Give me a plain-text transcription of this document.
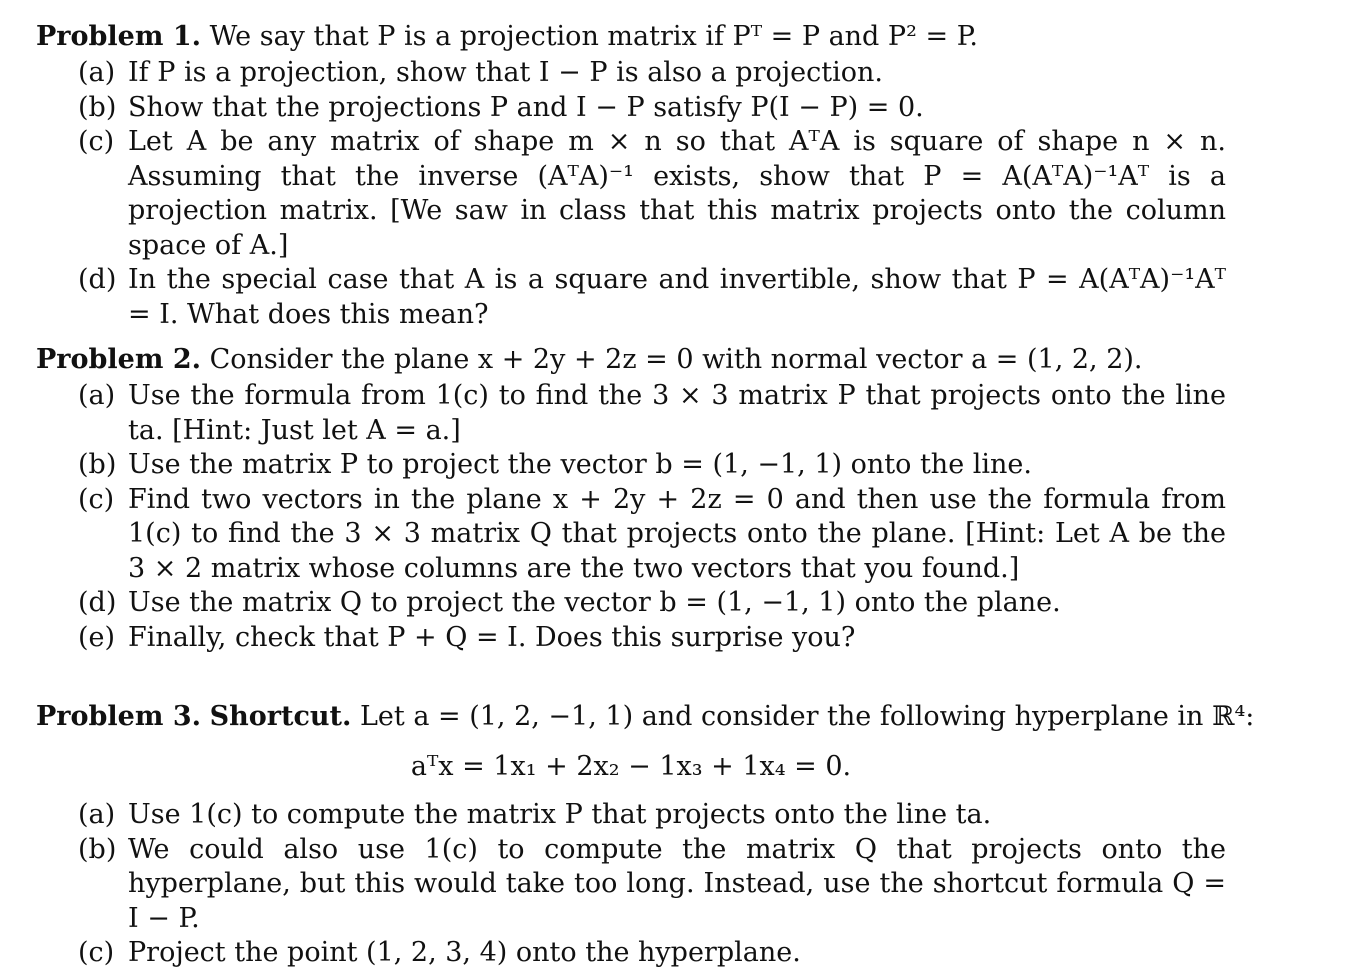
Problem 1. We say that P is a projection matrix if Pᵀ = P and P² = P.
(a) If P is a projection, show that I − P is also a projection.
(b) Show that the projections P and I − P satisfy P(I − P) = 0.
(c) Let A be any matrix of shape m × n so that AᵀA is square of shape n × n. Assuming that the inverse (AᵀA)⁻¹ exists, show that P = A(AᵀA)⁻¹Aᵀ is a projection matrix. [We saw in class that this matrix projects onto the column space of A.]
(d) In the special case that A is a square and invertible, show that P = A(AᵀA)⁻¹Aᵀ = I. What does this mean?
Problem 2. Consider the plane x + 2y + 2z = 0 with normal vector a = (1, 2, 2).
(a) Use the formula from 1(c) to find the 3 × 3 matrix P that projects onto the line ta. [Hint: Just let A = a.]
(b) Use the matrix P to project the vector b = (1, −1, 1) onto the line.
(c) Find two vectors in the plane x + 2y + 2z = 0 and then use the formula from 1(c) to find the 3 × 3 matrix Q that projects onto the plane. [Hint: Let A be the 3 × 2 matrix whose columns are the two vectors that you found.]
(d) Use the matrix Q to project the vector b = (1, −1, 1) onto the plane.
(e) Finally, check that P + Q = I. Does this surprise you?
Problem 3. Shortcut. Let a = (1, 2, −1, 1) and consider the following hyperplane in ℝ⁴:
aᵀx = 1x₁ + 2x₂ − 1x₃ + 1x₄ = 0.
(a) Use 1(c) to compute the matrix P that projects onto the line ta.
(b) We could also use 1(c) to compute the matrix Q that projects onto the hyperplane, but this would take too long. Instead, use the shortcut formula Q = I − P.
(c) Project the point (1, 2, 3, 4) onto the hyperplane.
